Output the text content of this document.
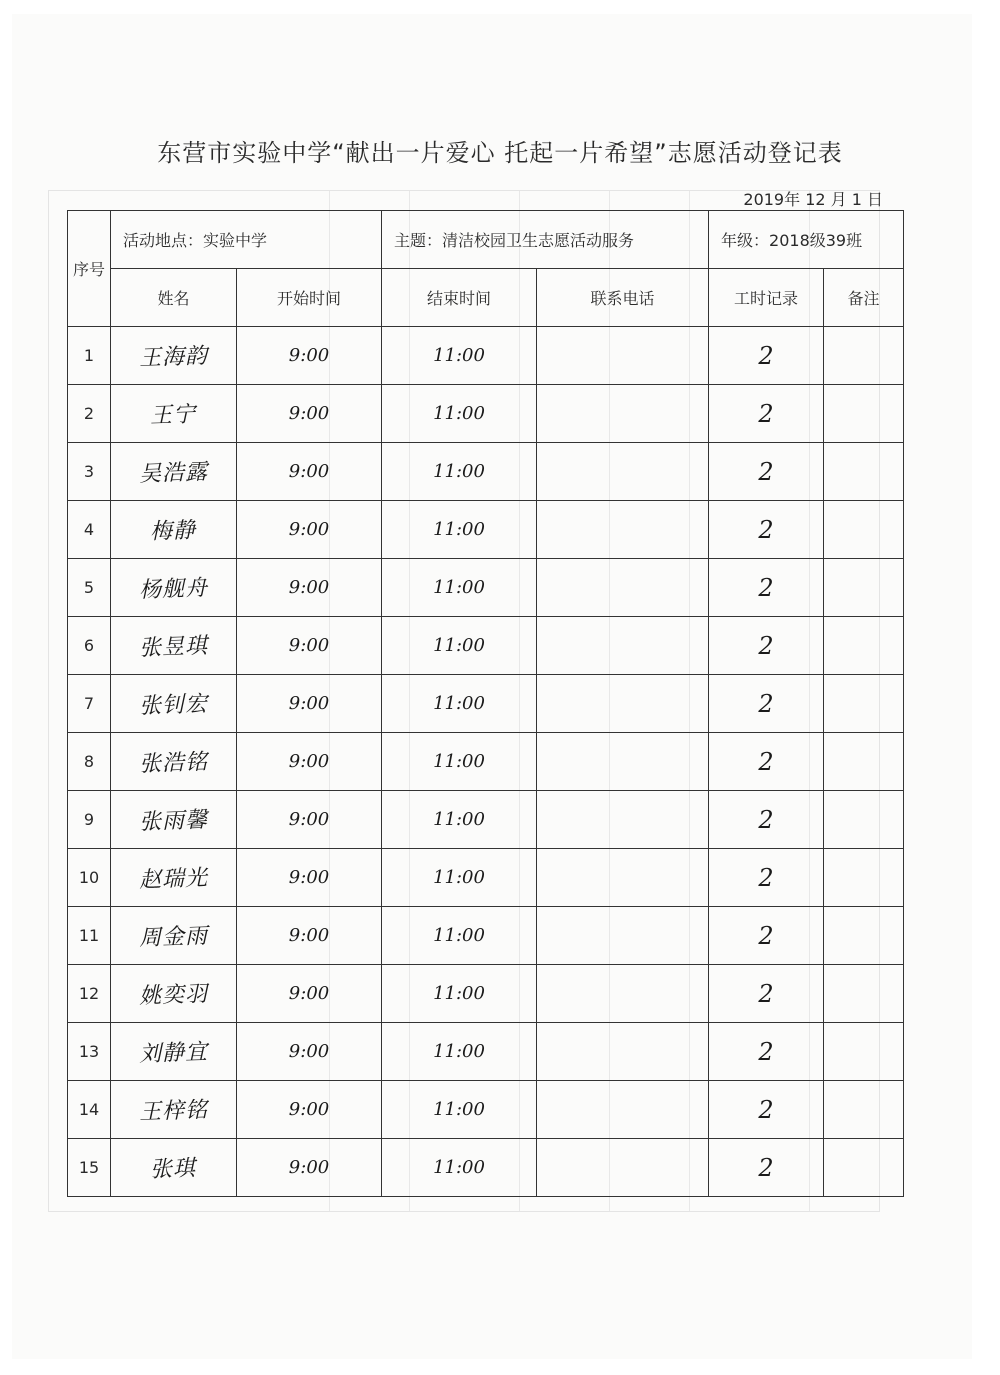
东营市实验中学“献出一片爱心 托起一片希望”志愿活动登记表
2019年 12 月 1 日
序号	活动地点：实验中学		主题：清洁校园卫生志愿活动服务		年级：2018级39班	
	姓名	开始时间	结束时间	联系电话	工时记录	备注
1	王海韵	9:00	11:00		2	
2	王宁	9:00	11:00		2	
3	吴浩露	9:00	11:00		2	
4	梅静	9:00	11:00		2	
5	杨舰舟	9:00	11:00		2	
6	张昱琪	9:00	11:00		2	
7	张钊宏	9:00	11:00		2	
8	张浩铭	9:00	11:00		2	
9	张雨馨	9:00	11:00		2	
10	赵瑞光	9:00	11:00		2	
11	周金雨	9:00	11:00		2	
12	姚奕羽	9:00	11:00		2	
13	刘静宜	9:00	11:00		2	
14	王梓铭	9:00	11:00		2	
15	张琪	9:00	11:00		2	
